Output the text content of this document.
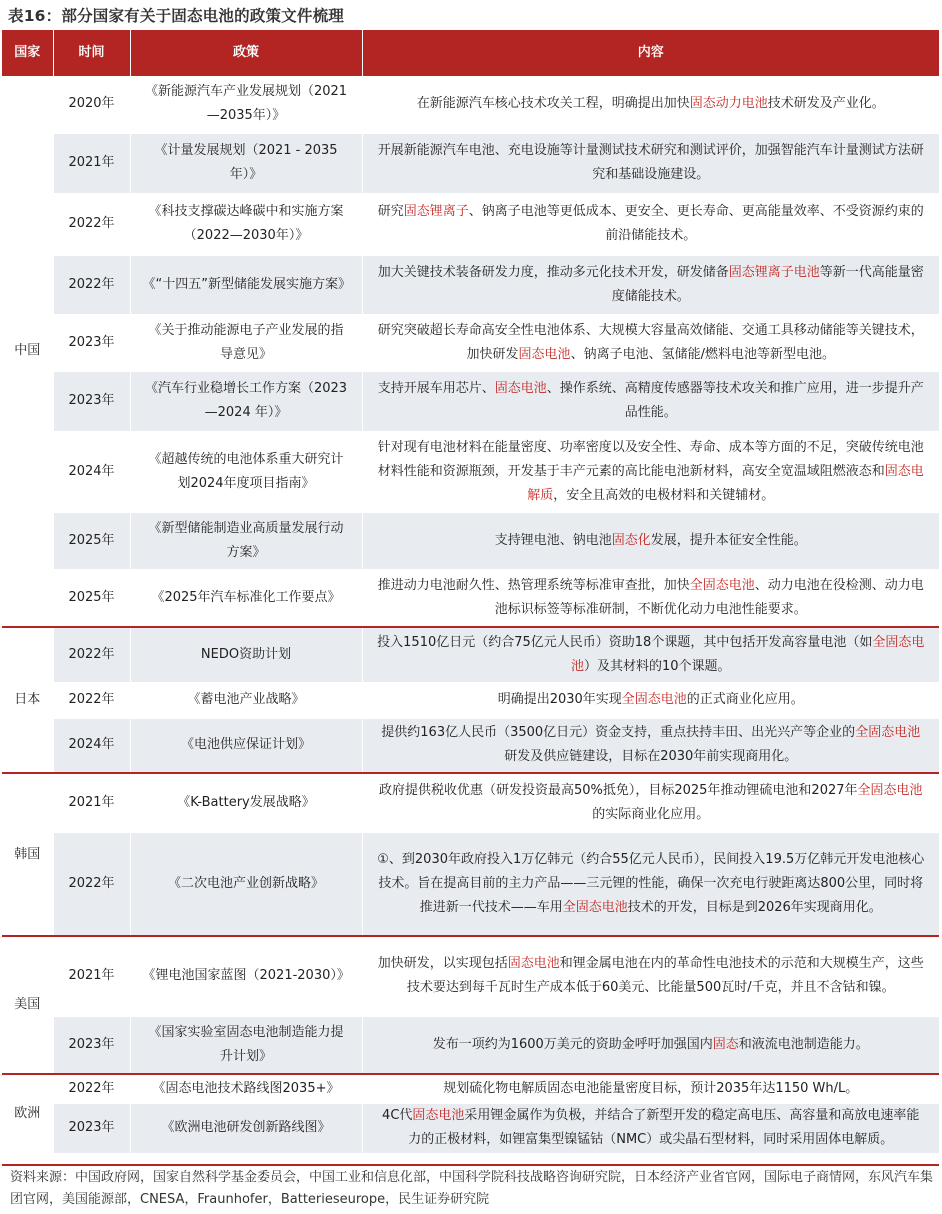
表16：部分国家有关于固态电池的政策文件梳理
国家	时间	政策	内容
中国	2020年	《新能源汽车产业发展规划（2021—2035年）》	在新能源汽车核心技术攻关工程，明确提出加快固态动力电池技术研发及产业化。
	2021年	《计量发展规划（2021 - 2035年）》	开展新能源汽车电池、充电设施等计量测试技术研究和测试评价，加强智能汽车计量测试方法研究和基础设施建设。
	2022年	《科技支撑碳达峰碳中和实施方案（2022—2030年）》	研究固态锂离子、钠离子电池等更低成本、更安全、更长寿命、更高能量效率、不受资源约束的前沿储能技术。
	2022年	《“十四五”新型储能发展实施方案》	加大关键技术装备研发力度，推动多元化技术开发，研发储备固态锂离子电池等新一代高能量密度储能技术。
	2023年	《关于推动能源电子产业发展的指导意见》	研究突破超长寿命高安全性电池体系、大规模大容量高效储能、交通工具移动储能等关键技术，加快研发固态电池、钠离子电池、氢储能/燃料电池等新型电池。
	2023年	《汽车行业稳增长工作方案（2023—2024 年）》	支持开展车用芯片、固态电池、操作系统、高精度传感器等技术攻关和推广应用，进一步提升产品性能。
	2024年	《超越传统的电池体系重大研究计划2024年度项目指南》	针对现有电池材料在能量密度、功率密度以及安全性、寿命、成本等方面的不足，突破传统电池材料性能和资源瓶颈，开发基于丰产元素的高比能电池新材料，高安全宽温域阻燃液态和固态电解质，安全且高效的电极材料和关键辅材。
	2025年	《新型储能制造业高质量发展行动方案》	支持锂电池、钠电池固态化发展，提升本征安全性能。
	2025年	《2025年汽车标准化工作要点》	推进动力电池耐久性、热管理系统等标准审查批，加快全固态电池、动力电池在役检测、动力电池标识标签等标准研制，不断优化动力电池性能要求。
日本	2022年	NEDO资助计划	投入1510亿日元（约合75亿元人民币）资助18个课题，其中包括开发高容量电池（如全固态电池）及其材料的10个课题。
	2022年	《蓄电池产业战略》	明确提出2030年实现全固态电池的正式商业化应用。
	2024年	《电池供应保证计划》	提供约163亿人民币（3500亿日元）资金支持，重点扶持丰田、出光兴产等企业的全固态电池研发及供应链建设，目标在2030年前实现商用化。
韩国	2021年	《K-Battery发展战略》	政府提供税收优惠（研发投资最高50%抵免），目标2025年推动锂硫电池和2027年全固态电池的实际商业化应用。
	2022年	《二次电池产业创新战略》	①、到2030年政府投入1万亿韩元（约合55亿元人民币），民间投入19.5万亿韩元开发电池核心技术。旨在提高目前的主力产品——三元锂的性能，确保一次充电行驶距离达800公里，同时将推进新一代技术——车用全固态电池技术的开发，目标是到2026年实现商用化。
美国	2021年	《锂电池国家蓝图（2021-2030）》	加快研发，以实现包括固态电池和锂金属电池在内的革命性电池技术的示范和大规模生产，这些技术要达到每千瓦时生产成本低于60美元、比能量500瓦时/千克，并且不含钴和镍。
	2023年	《国家实验室固态电池制造能力提升计划》	发布一项约为1600万美元的资助金呼吁加强国内固态和液流电池制造能力。
欧洲	2022年	《固态电池技术路线图2035+》	规划硫化物电解质固态电池能量密度目标，预计2035年达1150 Wh/L。
	2023年	《欧洲电池研发创新路线图》	4C代固态电池采用锂金属作为负极，并结合了新型开发的稳定高电压、高容量和高放电速率能力的正极材料，如锂富集型镍锰钴（NMC）或尖晶石型材料，同时采用固体电解质。
资料来源：中国政府网，国家自然科学基金委员会，中国工业和信息化部，中国科学院科技战略咨询研究院，日本经济产业省官网，国际电子商情网，东风汽车集团官网，美国能源部，CNESA，Fraunhofer，Batterieseurope，民生证券研究院
